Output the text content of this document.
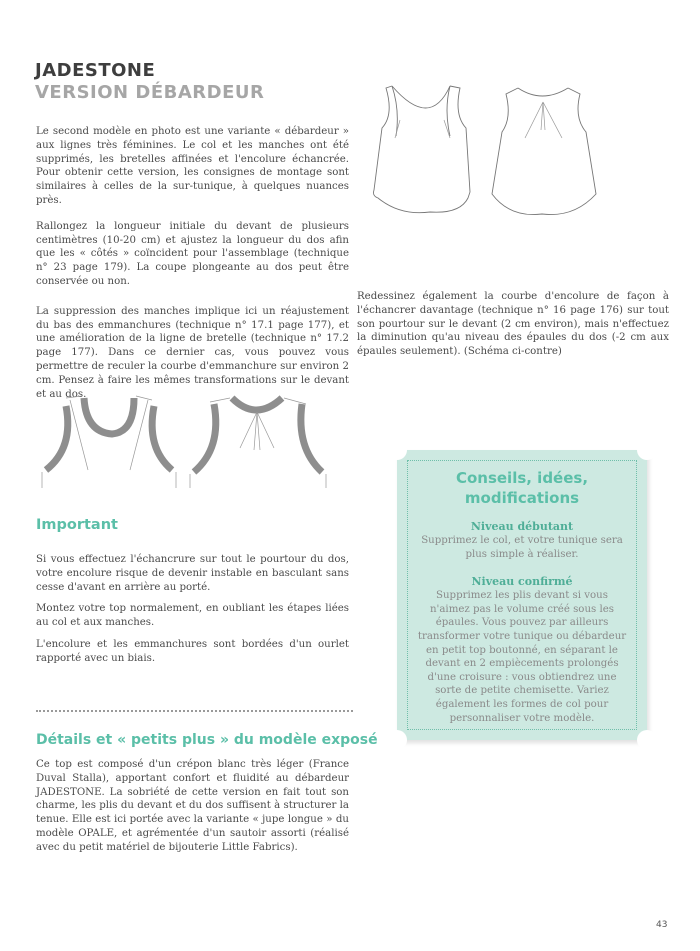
JADESTONE
VERSION DÉBARDEUR

Le second modèle en photo est une variante « débardeur » aux lignes très féminines. Le col et les manches ont été supprimés, les bretelles affinées et l'encolure échancrée. Pour obtenir cette version, les consignes de montage sont similaires à celles de la sur-tunique, à quelques nuances près.

Rallongez la longueur initiale du devant de plusieurs centimètres (10-20 cm) et ajustez la longueur du dos afin que les « côtés » coïncident pour l'assemblage (technique n° 23 page 179). La coupe plongeante au dos peut être conservée ou non.

La suppression des manches implique ici un réajustement du bas des emmanchures (technique n° 17.1 page 177), et une amélioration de la ligne de bretelle (technique n° 17.2 page 177). Dans ce dernier cas, vous pouvez vous permettre de reculer la courbe d'emmanchure sur environ 2 cm. Pensez à faire les mêmes transformations sur le devant et au dos.

Redessinez également la courbe d'encolure de façon à l'échancrer davantage (technique n° 16 page 176) sur tout son pourtour sur le devant (2 cm environ), mais n'effectuez la diminution qu'au niveau des épaules du dos (-2 cm aux épaules seulement). (Schéma ci-contre)
Important

Si vous effectuez l'échancrure sur tout le pourtour du dos, votre encolure risque de devenir instable en basculant sans cesse d'avant en arrière au porté.

Montez votre top normalement, en oubliant les étapes liées au col et aux manches.

L'encolure et les emmanchures sont bordées d'un ourlet rapporté avec un biais.

Détails et « petits plus » du modèle exposé
Ce top est composé d'un crépon blanc très léger (France Duval Stalla), apportant confort et fluidité au débardeur JADESTONE. La sobriété de cette version en fait tout son charme, les plis du devant et du dos suffisent à structurer la tenue. Elle est ici portée avec la variante « jupe longue » du modèle OPALE, et agrémentée d'un sautoir assorti (réalisé avec du petit matériel de bijouterie Little Fabrics).
Conseils, idées, modifications
Niveau débutant
Supprimez le col, et votre tunique sera plus simple à réaliser.
Niveau confirmé
Supprimez les plis devant si vous n'aimez pas le volume créé sous les épaules. Vous pouvez par ailleurs transformer votre tunique ou débardeur en petit top boutonné, en séparant le devant en 2 empiècements prolongés d'une croisure : vous obtiendrez une sorte de petite chemisette. Variez également les formes de col pour personnaliser votre modèle.
43
